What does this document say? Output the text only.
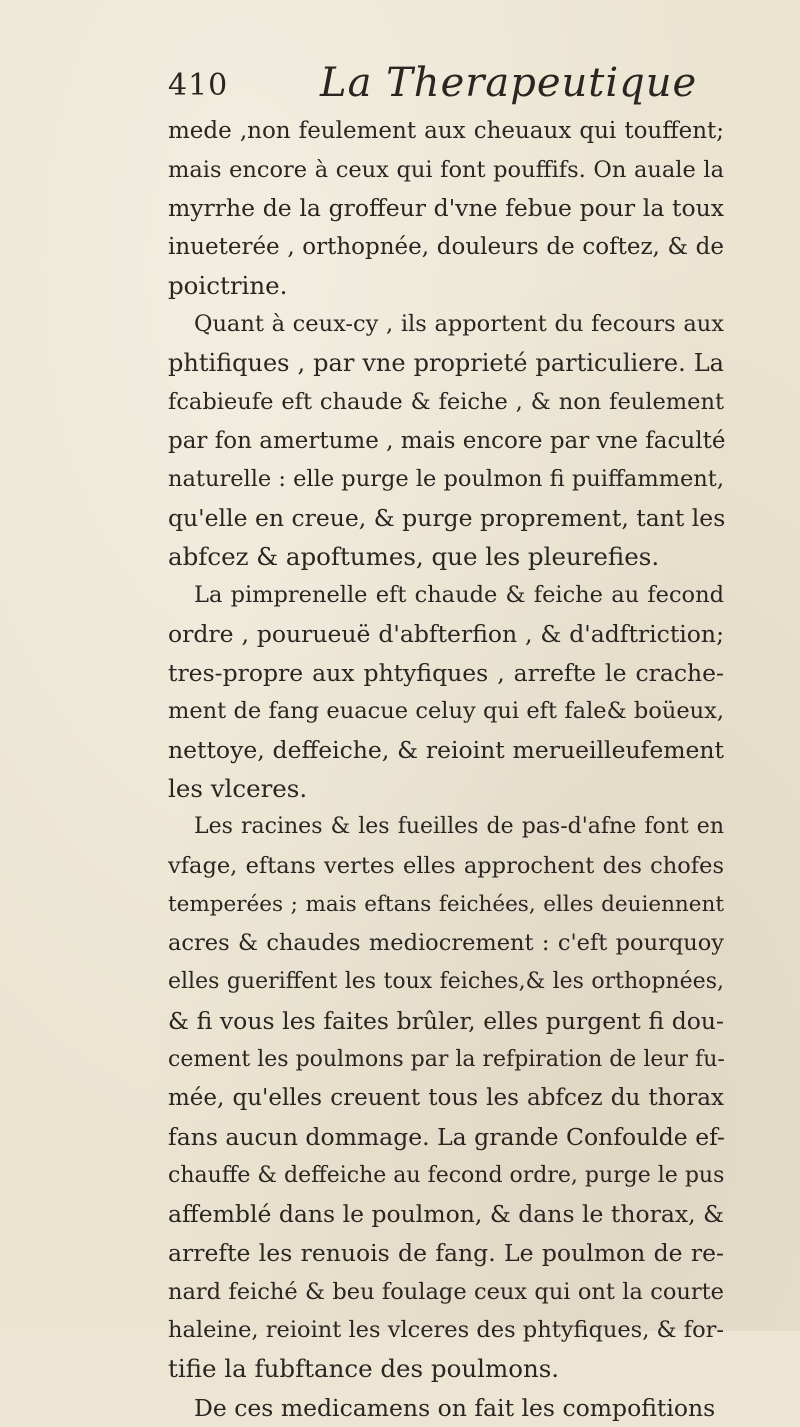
410 La Therapeutique
mede ,non feulement aux cheuaux qui touffent;
mais encore à ceux qui font pouffifs. On auale la
myrrhe de la groffeur d'vne febue pour la toux
inueterée , orthopnée, douleurs de coftez, & de
poictrine.
Quant à ceux-cy , ils apportent du fecours aux
phtifiques , par vne proprieté particuliere. La
fcabieufe eft chaude & feiche , & non feulement
par fon amertume , mais encore par vne faculté
naturelle : elle purge le poulmon fi puiffamment,
qu'elle en creue, & purge proprement, tant les
abfcez & apoftumes, que les pleurefies.
La pimprenelle eft chaude & feiche au fecond
ordre , pourueuë d'abfterfion , & d'adftriction;
tres-propre aux phtyfiques , arrefte le crache-
ment de fang euacue celuy qui eft fale& boüeux,
nettoye, deffeiche, & reioint merueilleufement
les vlceres.
Les racines & les fueilles de pas-d'afne font en
vfage, eftans vertes elles approchent des chofes
temperées ; mais eftans feichées, elles deuiennent
acres & chaudes mediocrement : c'eft pourquoy
elles gueriffent les toux feiches,& les orthopnées,
& fi vous les faites brûler, elles purgent fi dou-
cement les poulmons par la refpiration de leur fu-
mée, qu'elles creuent tous les abfcez du thorax
fans aucun dommage. La grande Confoulde ef-
chauffe & deffeiche au fecond ordre, purge le pus
affemblé dans le poulmon, & dans le thorax, &
arrefte les renuois de fang. Le poulmon de re-
nard feiché & beu foulage ceux qui ont la courte
haleine, reioint les vlceres des phtyfiques, & for-
tifie la fubftance des poulmons.
De ces medicamens on fait les compofitions
